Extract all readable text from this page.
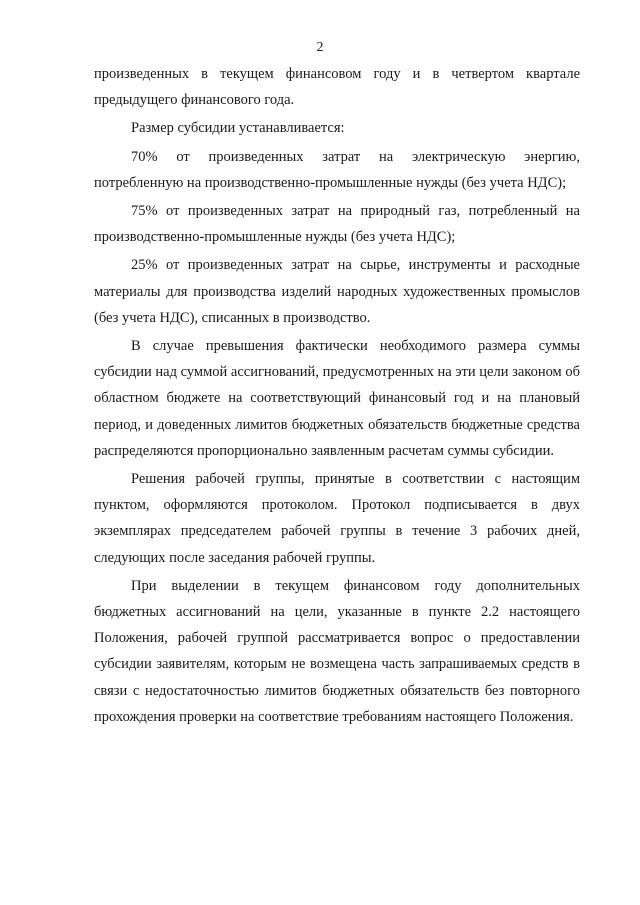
2

произведенных в текущем финансовом году и в четвертом квартале предыдущего финансового года.

Размер субсидии устанавливается:

70% от произведенных затрат на электрическую энергию, потребленную на производственно-промышленные нужды (без учета НДС);

75% от произведенных затрат на природный газ, потребленный на производственно-промышленные нужды (без учета НДС);

25% от произведенных затрат на сырье, инструменты и расходные материалы для производства изделий народных художественных промыслов (без учета НДС), списанных в производство.

В случае превышения фактически необходимого размера суммы субсидии над суммой ассигнований, предусмотренных на эти цели законом об областном бюджете на соответствующий финансовый год и на плановый период, и доведенных лимитов бюджетных обязательств бюджетные средства распределяются пропорционально заявленным расчетам суммы субсидии.

Решения рабочей группы, принятые в соответствии с настоящим пунктом, оформляются протоколом. Протокол подписывается в двух экземплярах председателем рабочей группы в течение 3 рабочих дней, следующих после заседания рабочей группы.

При выделении в текущем финансовом году дополнительных бюджетных ассигнований на цели, указанные в пункте 2.2 настоящего Положения, рабочей группой рассматривается вопрос о предоставлении субсидии заявителям, которым не возмещена часть запрашиваемых средств в связи с недостаточностью лимитов бюджетных обязательств без повторного прохождения проверки на соответствие требованиям настоящего Положения.
